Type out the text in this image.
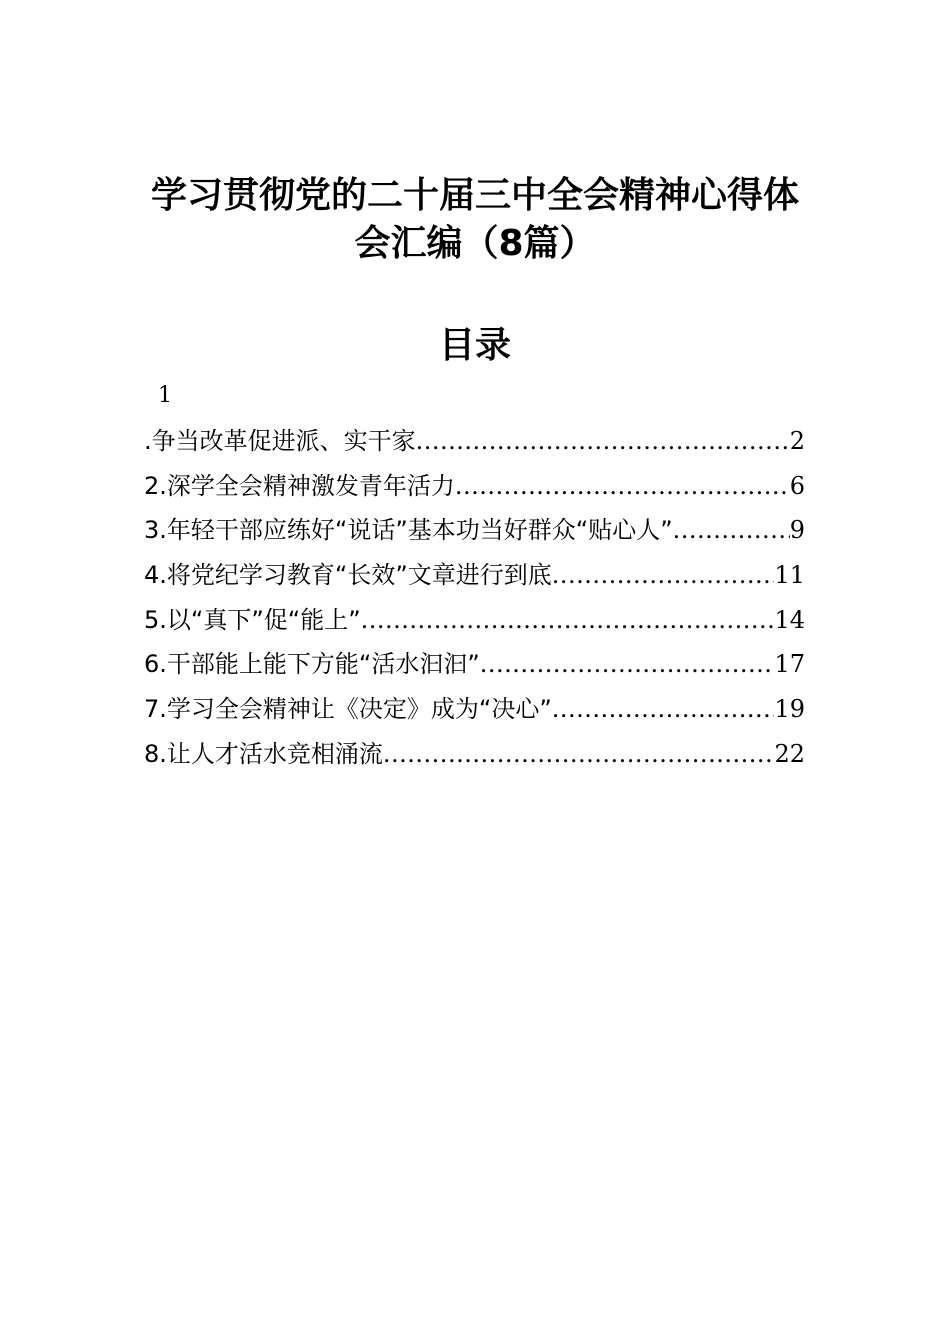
学习贯彻党的二十届三中全会精神心得体
会汇编（8篇）
目录
1
.争当改革促进派、实干家 .....	2
2.深学全会精神激发青年活力 .....	6
3.年轻干部应练好“说话”基本功当好群众“贴心人” .....	9
4.将党纪学习教育“长效”文章进行到底 .....	11
5.以“真下”促“能上” .....	14
6.干部能上能下方能“活水汩汩” .....	17
7.学习全会精神让《决定》成为“决心” .....	19
8.让人才活水竞相涌流 .....	22
